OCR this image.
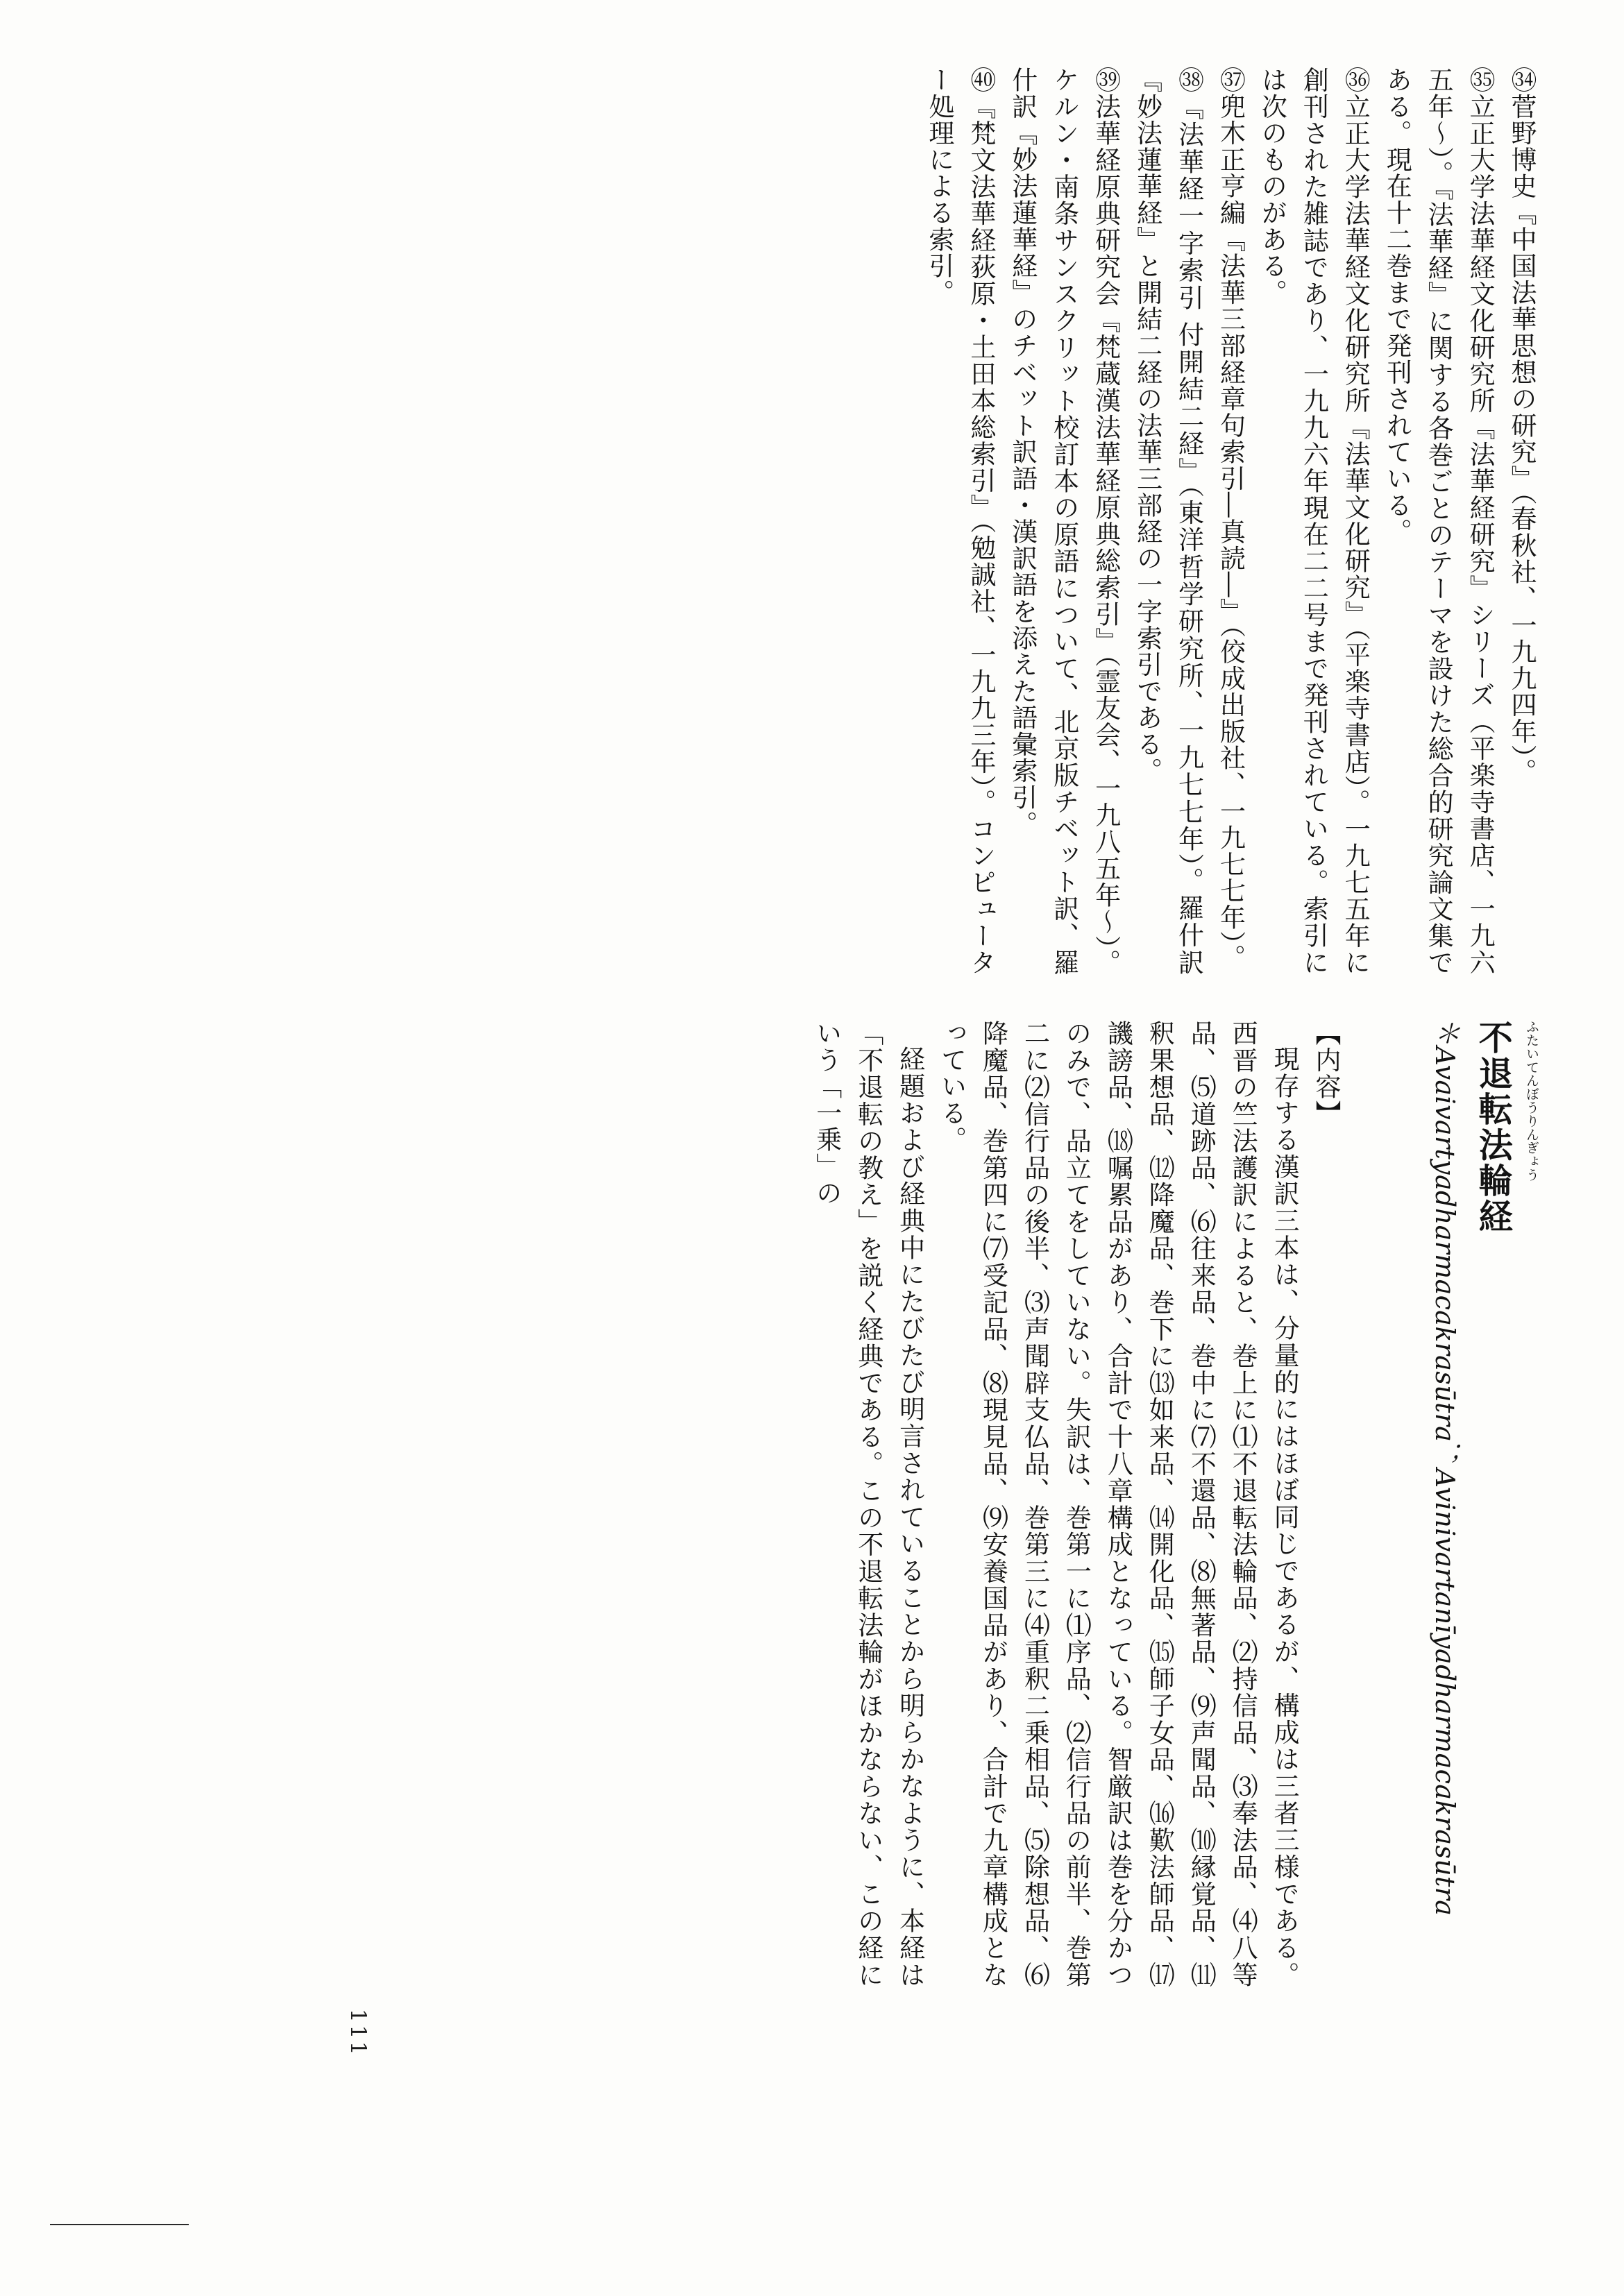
㉞菅野博史『中国法華思想の研究』（春秋社、一九九四年）。
㉟立正大学法華経文化研究所『法華経研究』シリーズ（平楽寺書店、一九六五年〜）。『法華経』に関する各巻ごとのテーマを設けた総合的研究論文集である。現在十二巻まで発刊されている。
㊱立正大学法華経文化研究所『法華文化研究』（平楽寺書店）。一九七五年に創刊された雑誌であり、一九九六年現在二二号まで発刊されている。索引には次のものがある。
㊲兜木正亨編『法華三部経章句索引―真読―』（佼成出版社、一九七七年）。
㊳『法華経一字索引 付開結二経』（東洋哲学研究所、一九七七年）。羅什訳『妙法蓮華経』と開結二経の法華三部経の一字索引である。
㊴法華経原典研究会『梵蔵漢法華経原典総索引』（霊友会、一九八五年〜）。ケルン・南条サンスクリット校訂本の原語について、北京版チベット訳、羅什訳『妙法蓮華経』のチベット訳語・漢訳語を添えた語彙索引。
㊵『梵文法華経荻原・土田本総索引』（勉誠社、一九九三年）。コンピューター処理による索引。
ふたいてんぼうりんぎょう
不退転法輪経
＊Avaivartyadharmacakrasūtra；Avinivartanīyadharmacakrasūtra
【内容】
現存する漢訳三本は、分量的にはほぼ同じであるが、構成は三者三様である。西晋の竺法護訳によると、巻上に⑴不退転法輪品、⑵持信品、⑶奉法品、⑷八等品、⑸道跡品、⑹往来品、巻中に⑺不還品、⑻無著品、⑼声聞品、⑽縁覚品、⑾釈果想品、⑿降魔品、巻下に⒀如来品、⒁開化品、⒂師子女品、⒃歎法師品、⒄譏謗品、⒅嘱累品があり、合計で十八章構成となっている。智厳訳は巻を分かつのみで、品立てをしていない。失訳は、巻第一に⑴序品、⑵信行品の前半、巻第二に⑵信行品の後半、⑶声聞辟支仏品、巻第三に⑷重釈二乗相品、⑸除想品、⑹降魔品、巻第四に⑺受記品、⑻現見品、⑼安養国品があり、合計で九章構成となっている。
経題および経典中にたびたび明言されていることから明らかなように、本経は「不退転の教え」を説く経典である。この不退転法輪がほかならない、この経にいう「一乗」の
111
